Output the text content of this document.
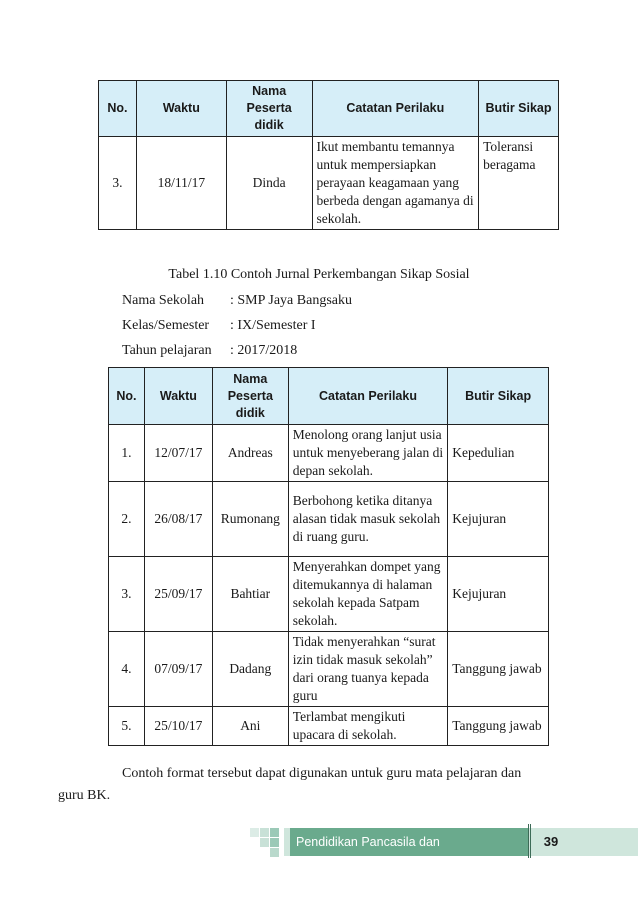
No.	Waktu	Nama Peserta didik	Catatan Perilaku	Butir Sikap
3.	18/11/17	Dinda	Ikut membantu temannya untuk mempersiapkan perayaan keagamaan yang berbeda dengan agamanya di sekolah.	Toleransi beragama
Tabel 1.10 Contoh Jurnal Perkembangan Sikap Sosial
Nama Sekolah : SMP Jaya Bangsaku
Kelas/Semester : IX/Semester I
Tahun pelajaran : 2017/2018
No.	Waktu	Nama Peserta didik	Catatan Perilaku	Butir Sikap
1.	12/07/17	Andreas	Menolong orang lanjut usia untuk menyeberang jalan di depan sekolah.	Kepedulian
2.	26/08/17	Rumonang	Berbohong ketika ditanya alasan tidak masuk sekolah di ruang guru.	Kejujuran
3.	25/09/17	Bahtiar	Menyerahkan dompet yang ditemukannya di halaman sekolah kepada Satpam sekolah.	Kejujuran
4.	07/09/17	Dadang	Tidak menyerahkan “surat izin tidak masuk sekolah” dari orang tuanya kepada guru	Tanggung jawab
5.	25/10/17	Ani	Terlambat mengikuti upacara di sekolah.	Tanggung jawab
Contoh format tersebut dapat digunakan untuk guru mata pelajaran dan
guru BK.
Pendidikan Pancasila dan Kewarganegaraan
39
